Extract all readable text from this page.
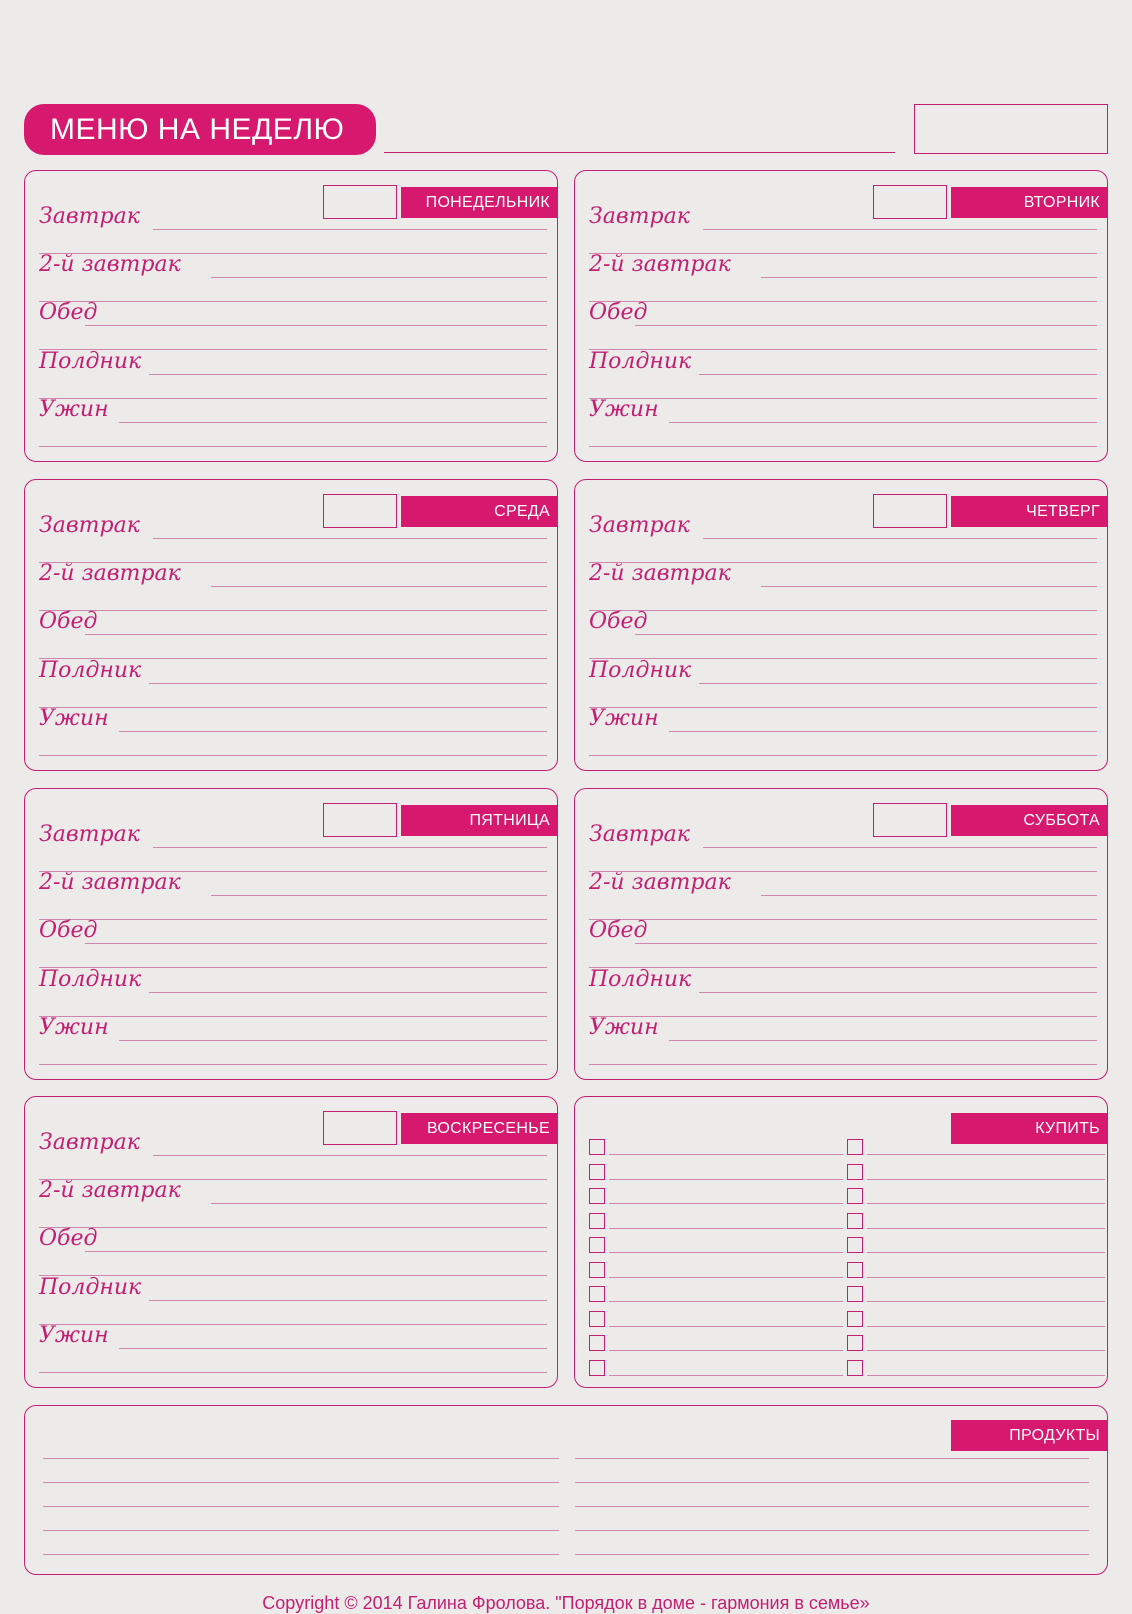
МЕНЮ НА НЕДЕЛЮ
ПОНЕДЕЛЬНИК
Завтрак
2-й завтрак
Обед
Полдник
Ужин
ВТОРНИК
Завтрак
2-й завтрак
Обед
Полдник
Ужин
СРЕДА
Завтрак
2-й завтрак
Обед
Полдник
Ужин
ЧЕТВЕРГ
Завтрак
2-й завтрак
Обед
Полдник
Ужин
ПЯТНИЦА
Завтрак
2-й завтрак
Обед
Полдник
Ужин
СУББОТА
Завтрак
2-й завтрак
Обед
Полдник
Ужин
ВОСКРЕСЕНЬЕ
Завтрак
2-й завтрак
Обед
Полдник
Ужин
КУПИТЬ
ПРОДУКТЫ
Copyright © 2014 Галина Фролова. "Порядок в доме - гармония в семье»
